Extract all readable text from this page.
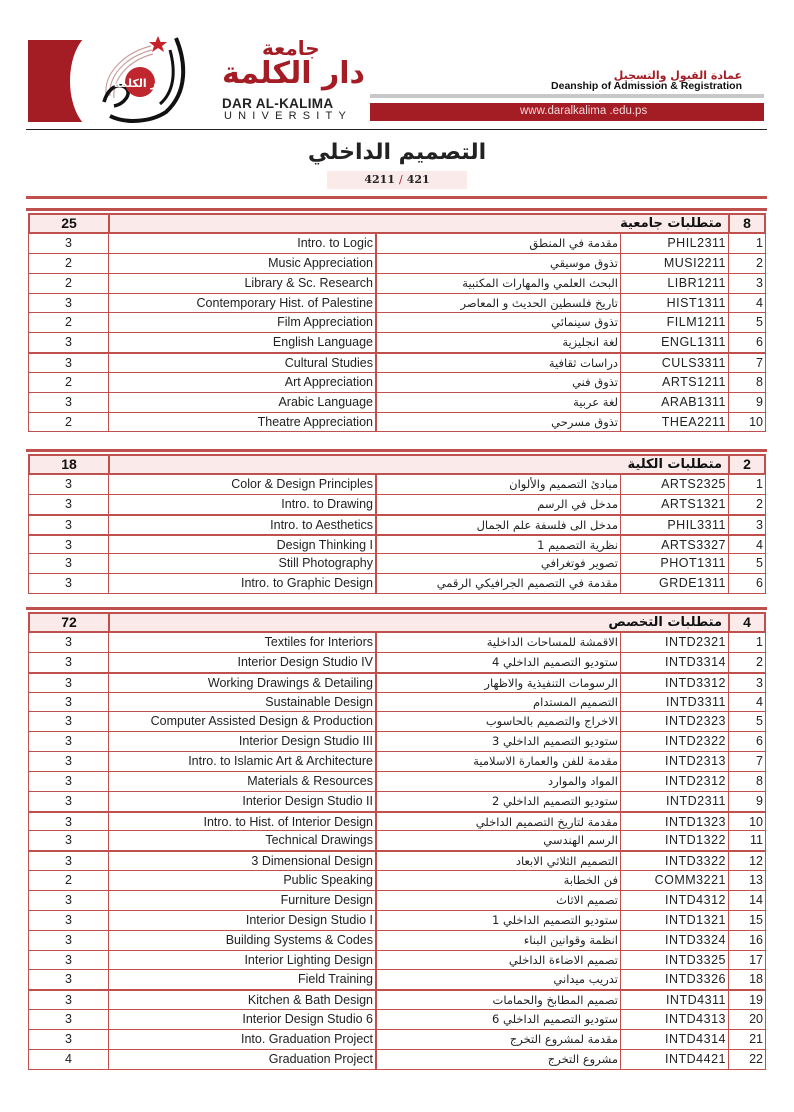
دار الكلمة
جامعة
دار الكلمة
DAR AL-KALIMA
UNIVERSITY
عمادة القبول والتسجيل
Deanship of Admission & Registration
www.daralkalima .edu.ps
التصميم الداخلي
4211 / 421
25	متطلبات جامعية	8
3	Intro. to Logic	مقدمة في المنطق	PHIL2311	1
2	Music Appreciation	تذوق موسيقي	MUSI2211	2
2	Library & Sc. Research	البحث العلمي والمهارات المكتبية	LIBR1211	3
3	Contemporary Hist. of Palestine	تاريخ فلسطين الحديث و المعاصر	HIST1311	4
2	Film Appreciation	تذوق سينمائي	FILM1211	5
3	English Language	لغة انجليزية	ENGL1311	6
3	Cultural Studies	دراسات ثقافية	CULS3311	7
2	Art Appreciation	تذوق فني	ARTS1211	8
3	Arabic Language	لغة عربية	ARAB1311	9
2	Theatre Appreciation	تذوق مسرحي	THEA2211	10
18	متطلبات الكلية	2
3	Color & Design Principles	مبادئ التصميم والألوان	ARTS2325	1
3	Intro. to Drawing	مدخل في الرسم	ARTS1321	2
3	Intro. to Aesthetics	مدخل الى فلسفة علم الجمال	PHIL3311	3
3	Design Thinking I	نظرية التصميم 1	ARTS3327	4
3	Still Photography	تصوير فوتغرافي	PHOT1311	5
3	Intro. to Graphic Design	مقدمة في التصميم الجرافيكي الرقمي	GRDE1311	6
72	متطلبات التخصص	4
3	Textiles for Interiors	الاقمشة للمساحات الداخلية	INTD2321	1
3	Interior Design Studio IV	ستوديو التصميم الداخلي 4	INTD3314	2
3	Working Drawings & Detailing	الرسومات التنفيذية والاظهار	INTD3312	3
3	Sustainable Design	التصميم المستدام	INTD3311	4
3	Computer Assisted Design & Production	الاخراج والتصميم بالحاسوب	INTD2323	5
3	Interior Design Studio III	ستوديو التصميم الداخلي 3	INTD2322	6
3	Intro. to Islamic Art & Architecture	مقدمة للفن والعمارة الاسلامية	INTD2313	7
3	Materials & Resources	المواد والموارد	INTD2312	8
3	Interior Design Studio II	ستوديو التصميم الداخلي 2	INTD2311	9
3	Intro. to Hist. of Interior Design	مقدمة لتاريخ التصميم الداخلي	INTD1323	10
3	Technical Drawings	الرسم الهندسي	INTD1322	11
3	3 Dimensional Design	التصميم الثلاثي الابعاد	INTD3322	12
2	Public Speaking	فن الخطابة	COMM3221	13
3	Furniture Design	تصميم الاثاث	INTD4312	14
3	Interior Design Studio I	ستوديو التصميم الداخلي 1	INTD1321	15
3	Building Systems & Codes	انظمة وقوانين البناء	INTD3324	16
3	Interior Lighting Design	تصميم الاضاءة الداخلي	INTD3325	17
3	Field Training	تدريب ميداني	INTD3326	18
3	Kitchen & Bath Design	تصميم المطابخ والحمامات	INTD4311	19
3	Interior Design Studio 6	ستوديو التصميم الداخلي 6	INTD4313	20
3	Into. Graduation Project	مقدمة لمشروع التخرج	INTD4314	21
4	Graduation Project	مشروع التخرج	INTD4421	22
